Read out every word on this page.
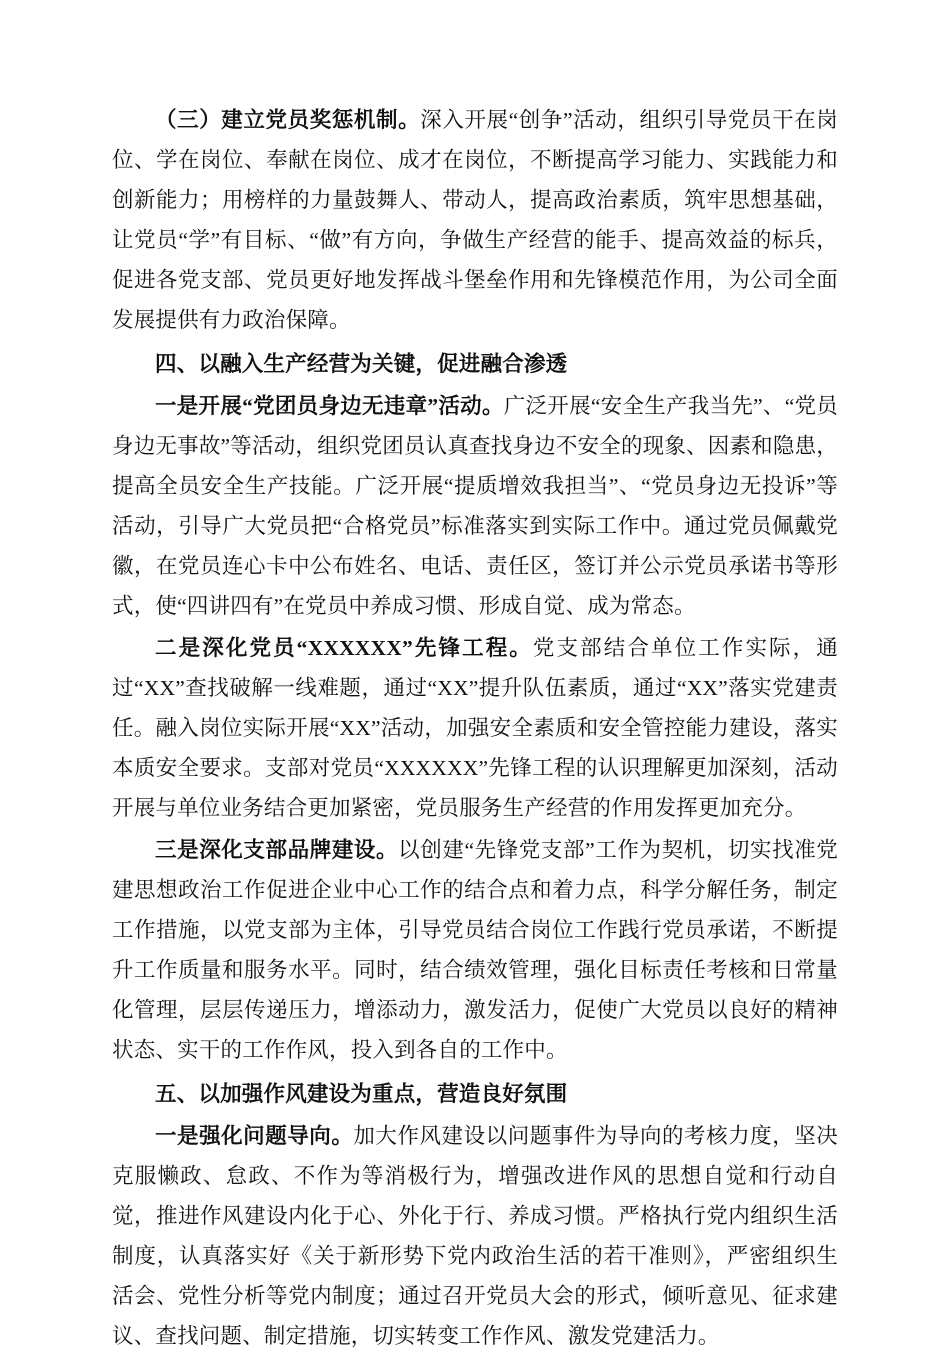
（三）建立党员奖惩机制。深入开展“创争”活动，组织引导党员干在岗位、学在岗位、奉献在岗位、成才在岗位，不断提高学习能力、实践能力和创新能力；用榜样的力量鼓舞人、带动人，提高政治素质，筑牢思想基础，让党员“学”有目标、“做”有方向，争做生产经营的能手、提高效益的标兵，促进各党支部、党员更好地发挥战斗堡垒作用和先锋模范作用，为公司全面发展提供有力政治保障。

四、以融入生产经营为关键，促进融合渗透

一是开展“党团员身边无违章”活动。广泛开展“安全生产我当先”、“党员身边无事故”等活动，组织党团员认真查找身边不安全的现象、因素和隐患，提高全员安全生产技能。广泛开展“提质增效我担当”、“党员身边无投诉”等活动，引导广大党员把“合格党员”标准落实到实际工作中。通过党员佩戴党徽，在党员连心卡中公布姓名、电话、责任区，签订并公示党员承诺书等形式，使“四讲四有”在党员中养成习惯、形成自觉、成为常态。

二是深化党员“XXXXXX”先锋工程。党支部结合单位工作实际，通过“XX”查找破解一线难题，通过“XX”提升队伍素质，通过“XX”落实党建责任。融入岗位实际开展“XX”活动，加强安全素质和安全管控能力建设，落实本质安全要求。支部对党员“XXXXXX”先锋工程的认识理解更加深刻，活动开展与单位业务结合更加紧密，党员服务生产经营的作用发挥更加充分。

三是深化支部品牌建设。以创建“先锋党支部”工作为契机，切实找准党建思想政治工作促进企业中心工作的结合点和着力点，科学分解任务，制定工作措施，以党支部为主体，引导党员结合岗位工作践行党员承诺，不断提升工作质量和服务水平。同时，结合绩效管理，强化目标责任考核和日常量化管理，层层传递压力，增添动力，激发活力，促使广大党员以良好的精神状态、实干的工作作风，投入到各自的工作中。

五、以加强作风建设为重点，营造良好氛围

一是强化问题导向。加大作风建设以问题事件为导向的考核力度，坚决克服懒政、怠政、不作为等消极行为，增强改进作风的思想自觉和行动自觉，推进作风建设内化于心、外化于行、养成习惯。严格执行党内组织生活制度，认真落实好《关于新形势下党内政治生活的若干准则》，严密组织生活会、党性分析等党内制度；通过召开党员大会的形式，倾听意见、征求建议、查找问题、制定措施，切实转变工作作风、激发党建活力。
